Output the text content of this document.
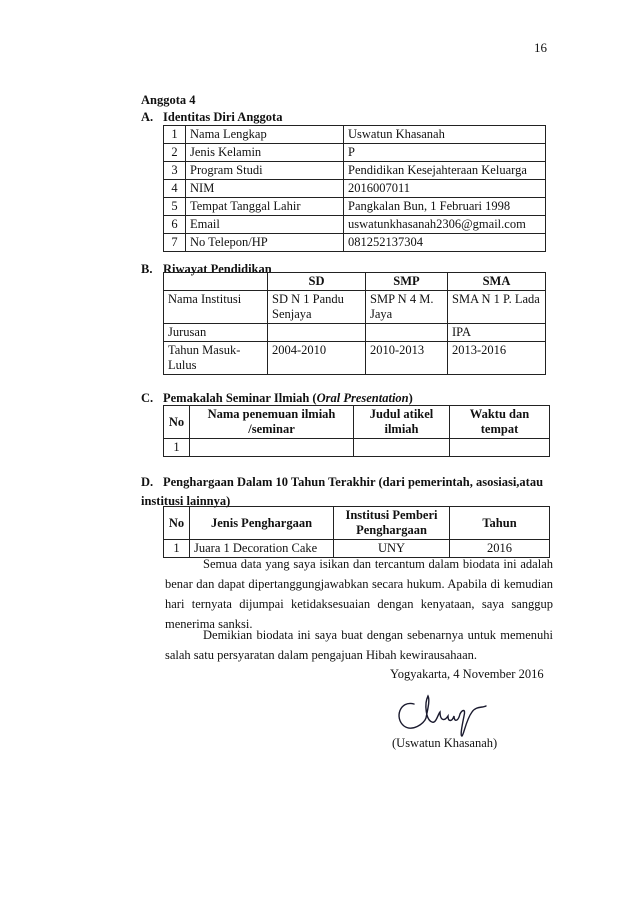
16
Anggota 4
A. Identitas Diri Anggota
1	Nama Lengkap	Uswatun Khasanah
2	Jenis Kelamin	P
3	Program Studi	Pendidikan Kesejahteraan Keluarga
4	NIM	2016007011
5	Tempat Tanggal Lahir	Pangkalan Bun, 1 Februari 1998
6	Email	uswatunkhasanah2306@gmail.com
7	No Telepon/HP	081252137304
B. Riwayat Pendidikan
	SD	SMP	SMA
Nama Institusi	SD N 1 Pandu Senjaya	SMP N 4 M. Jaya	SMA N 1 P. Lada
Jurusan			IPA
Tahun Masuk-Lulus	2004-2010	2010-2013	2013-2016
C. Pemakalah Seminar Ilmiah (Oral Presentation)
No	Nama penemuan ilmiah /seminar	Judul atikel ilmiah	Waktu dan tempat
1			
D. Penghargaan Dalam 10 Tahun Terakhir (dari pemerintah, asosiasi,atau institusi lainnya)
No	Jenis Penghargaan	Institusi Pemberi Penghargaan	Tahun
1	Juara 1 Decoration Cake	UNY	2016
Semua data yang saya isikan dan tercantum dalam biodata ini adalah benar dan dapat dipertanggungjawabkan secara hukum. Apabila di kemudian hari ternyata dijumpai ketidaksesuaian dengan kenyataan, saya sanggup menerima sanksi.
Demikian biodata ini saya buat dengan sebenarnya untuk memenuhi salah satu persyaratan dalam pengajuan Hibah kewirausahaan.
Yogyakarta, 4 November 2016
(Uswatun Khasanah)
